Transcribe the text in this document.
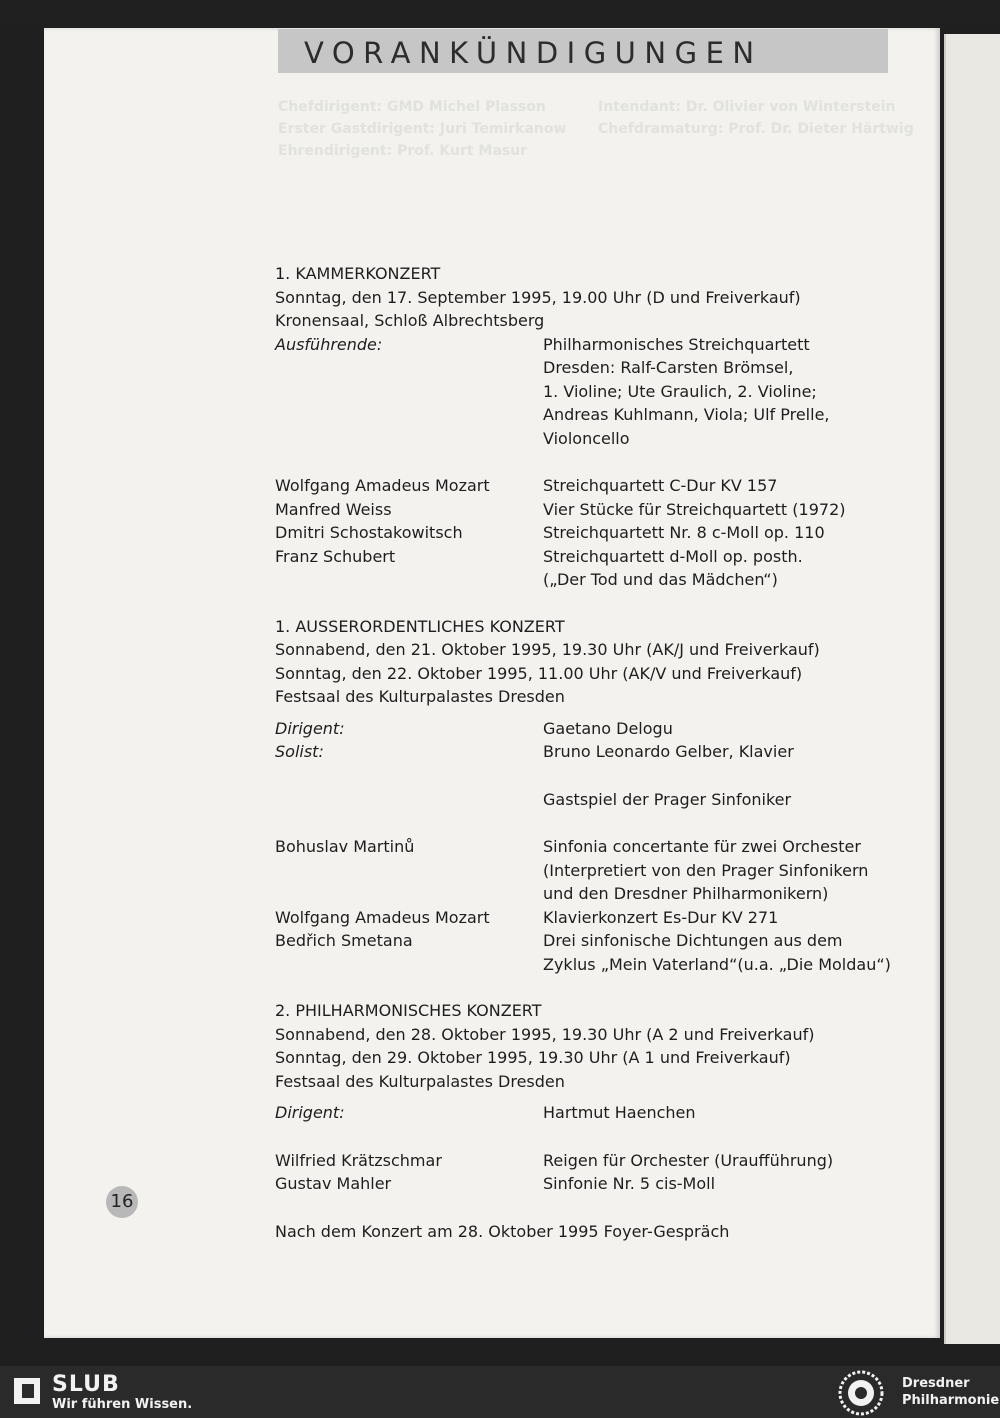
VORANKÜNDIGUNGEN
Chefdirigent: GMD Michel Plasson
Erster Gastdirigent: Juri Temirkanow
Ehrendirigent: Prof. Kurt Masur
Intendant: Dr. Olivier von Winterstein
Chefdramaturg: Prof. Dr. Dieter Härtwig
1. KAMMERKONZERT
Sonntag, den 17. September 1995, 19.00 Uhr (D und Freiverkauf)
Kronensaal, Schloß Albrechtsberg
Ausführende:	Philharmonisches Streichquartett
Dresden: Ralf-Carsten Brömsel,
1. Violine; Ute Graulich, 2. Violine;
Andreas Kuhlmann, Viola; Ulf Prelle,
Violoncello
Wolfgang Amadeus Mozart	Streichquartett C-Dur KV 157
Manfred Weiss	Vier Stücke für Streichquartett (1972)
Dmitri Schostakowitsch	Streichquartett Nr. 8 c-Moll op. 110
Franz Schubert	Streichquartett d-Moll op. posth.
(„Der Tod und das Mädchen“)
1. AUSSERORDENTLICHES KONZERT
Sonnabend, den 21. Oktober 1995, 19.30 Uhr (AK/J und Freiverkauf)
Sonntag, den 22. Oktober 1995, 11.00 Uhr (AK/V und Freiverkauf)
Festsaal des Kulturpalastes Dresden
Dirigent:	Gaetano Delogu
Solist:	Bruno Leonardo Gelber, Klavier
Gastspiel der Prager Sinfoniker
Bohuslav Martinů	Sinfonia concertante für zwei Orchester
(Interpretiert von den Prager Sinfonikern
und den Dresdner Philharmonikern)
Wolfgang Amadeus Mozart	Klavierkonzert Es-Dur KV 271
Bedřich Smetana	Drei sinfonische Dichtungen aus dem
Zyklus „Mein Vaterland“(u.a. „Die Moldau“)
2. PHILHARMONISCHES KONZERT
Sonnabend, den 28. Oktober 1995, 19.30 Uhr (A 2 und Freiverkauf)
Sonntag, den 29. Oktober 1995, 19.30 Uhr (A 1 und Freiverkauf)
Festsaal des Kulturpalastes Dresden
Dirigent:	Hartmut Haenchen
Wilfried Krätzschmar	Reigen für Orchester (Uraufführung)
Gustav Mahler	Sinfonie Nr. 5 cis-Moll
Nach dem Konzert am 28. Oktober 1995 Foyer-Gespräch
16
SLUB
Wir führen Wissen.
Dresdner
Philharmonie
